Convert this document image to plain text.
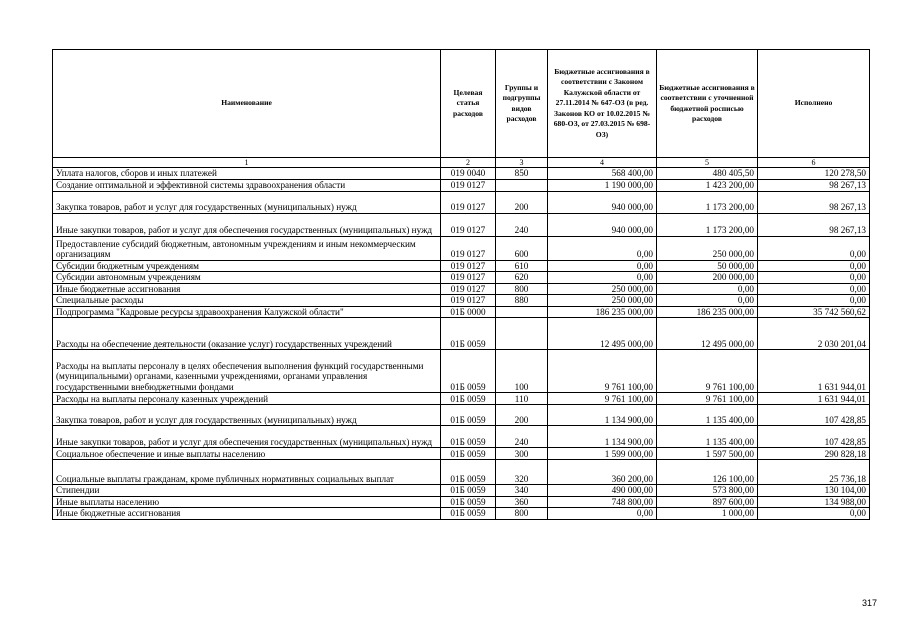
Наименование	Целевая статья расходов	Группы и подгруппы видов расходов	Бюджетные ассигнования в соответствии с Законом Калужской области от 27.11.2014 № 647-ОЗ (в ред. Законов КО от 10.02.2015 № 680-ОЗ, от 27.03.2015 № 698-ОЗ)	Бюджетные ассигнования в соответствии с уточненной бюджетной росписью расходов	Исполнено
1	2	3	4	5	6
Уплата налогов, сборов и иных платежей	019 0040	850	568 400,00	480 405,50	120 278,50
Создание оптимальной и эффективной системы здравоохранения области	019 0127		1 190 000,00	1 423 200,00	98 267,13
Закупка товаров, работ и услуг для государственных (муниципальных) нужд	019 0127	200	940 000,00	1 173 200,00	98 267,13
Иные закупки товаров, работ и услуг для обеспечения государственных (муниципальных) нужд	019 0127	240	940 000,00	1 173 200,00	98 267,13
Предоставление субсидий бюджетным, автономным учреждениям и иным некоммерческим организациям	019 0127	600	0,00	250 000,00	0,00
Субсидии бюджетным учреждениям	019 0127	610	0,00	50 000,00	0,00
Субсидии автономным учреждениям	019 0127	620	0,00	200 000,00	0,00
Иные бюджетные ассигнования	019 0127	800	250 000,00	0,00	0,00
Специальные расходы	019 0127	880	250 000,00	0,00	0,00
Подпрограмма "Кадровые ресурсы здравоохранения Калужской области"	01Б 0000		186 235 000,00	186 235 000,00	35 742 560,62
Расходы на обеспечение деятельности (оказание услуг) государственных учреждений	01Б 0059		12 495 000,00	12 495 000,00	2 030 201,04
Расходы на выплаты персоналу в целях обеспечения выполнения функций государственными (муниципальными) органами, казенными учреждениями, органами управления государственными внебюджетными фондами	01Б 0059	100	9 761 100,00	9 761 100,00	1 631 944,01
Расходы на выплаты персоналу казенных учреждений	01Б 0059	110	9 761 100,00	9 761 100,00	1 631 944,01
Закупка товаров, работ и услуг для государственных (муниципальных) нужд	01Б 0059	200	1 134 900,00	1 135 400,00	107 428,85
Иные закупки товаров, работ и услуг для обеспечения государственных (муниципальных) нужд	01Б 0059	240	1 134 900,00	1 135 400,00	107 428,85
Социальное обеспечение и иные выплаты населению	01Б 0059	300	1 599 000,00	1 597 500,00	290 828,18
Социальные выплаты гражданам, кроме публичных нормативных социальных выплат	01Б 0059	320	360 200,00	126 100,00	25 736,18
Стипендии	01Б 0059	340	490 000,00	573 800,00	130 104,00
Иные выплаты населению	01Б 0059	360	748 800,00	897 600,00	134 988,00
Иные бюджетные ассигнования	01Б 0059	800	0,00	1 000,00	0,00
317
